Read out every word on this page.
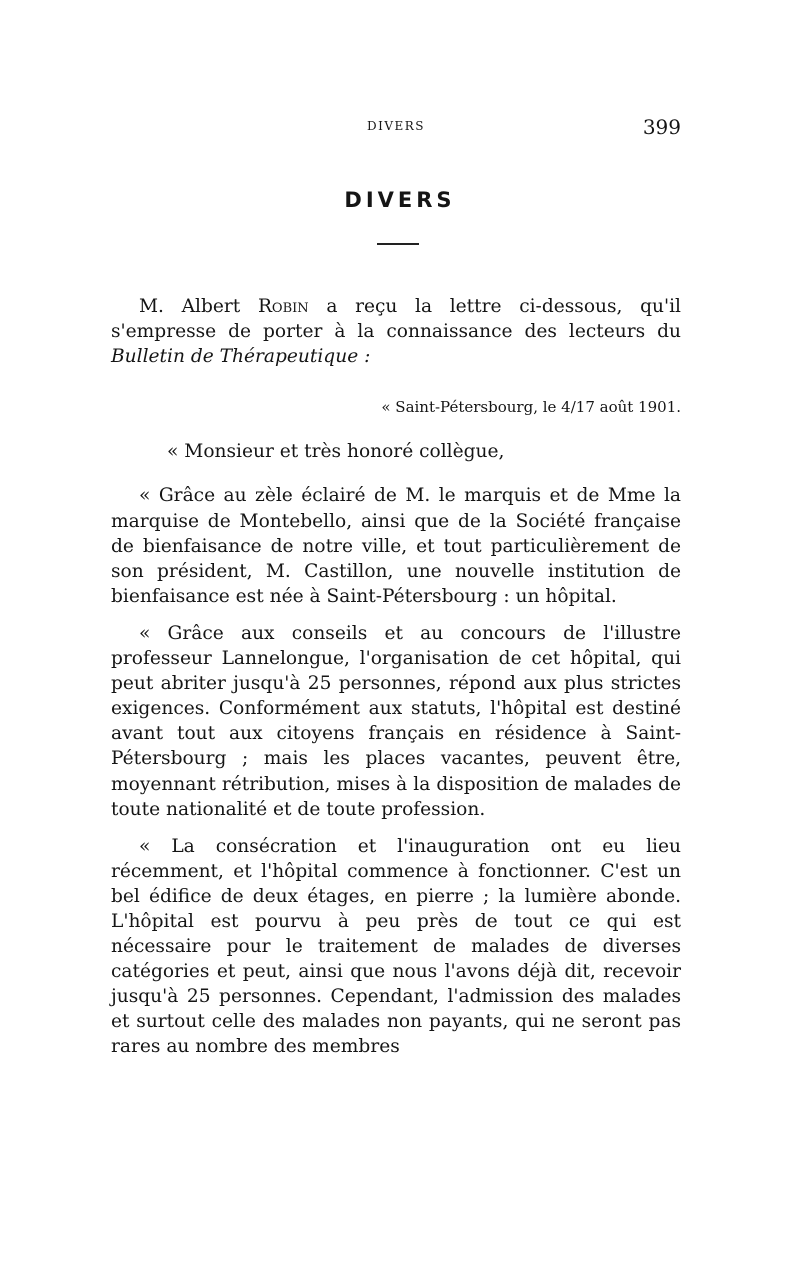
DIVERS	399
DIVERS

M. Albert Robin a reçu la lettre ci-dessous, qu'il s'empresse de porter à la connaissance des lecteurs du Bulletin de Thérapeutique :

« Saint-Pétersbourg, le 4/17 août 1901.

« Monsieur et très honoré collègue,

« Grâce au zèle éclairé de M. le marquis et de Mme la marquise de Montebello, ainsi que de la Société française de bienfaisance de notre ville, et tout particulièrement de son président, M. Castillon, une nouvelle institution de bienfaisance est née à Saint-Pétersbourg : un hôpital.

« Grâce aux conseils et au concours de l'illustre professeur Lannelongue, l'organisation de cet hôpital, qui peut abriter jusqu'à 25 personnes, répond aux plus strictes exigences. Conformément aux statuts, l'hôpital est destiné avant tout aux citoyens français en résidence à Saint-Pétersbourg ; mais les places vacantes, peuvent être, moyennant rétribution, mises à la disposition de malades de toute nationalité et de toute profession.

« La consécration et l'inauguration ont eu lieu récemment, et l'hôpital commence à fonctionner. C'est un bel édifice de deux étages, en pierre ; la lumière abonde. L'hôpital est pourvu à peu près de tout ce qui est nécessaire pour le traitement de malades de diverses catégories et peut, ainsi que nous l'avons déjà dit, recevoir jusqu'à 25 personnes. Cependant, l'admission des malades et surtout celle des malades non payants, qui ne seront pas rares au nombre des membres
